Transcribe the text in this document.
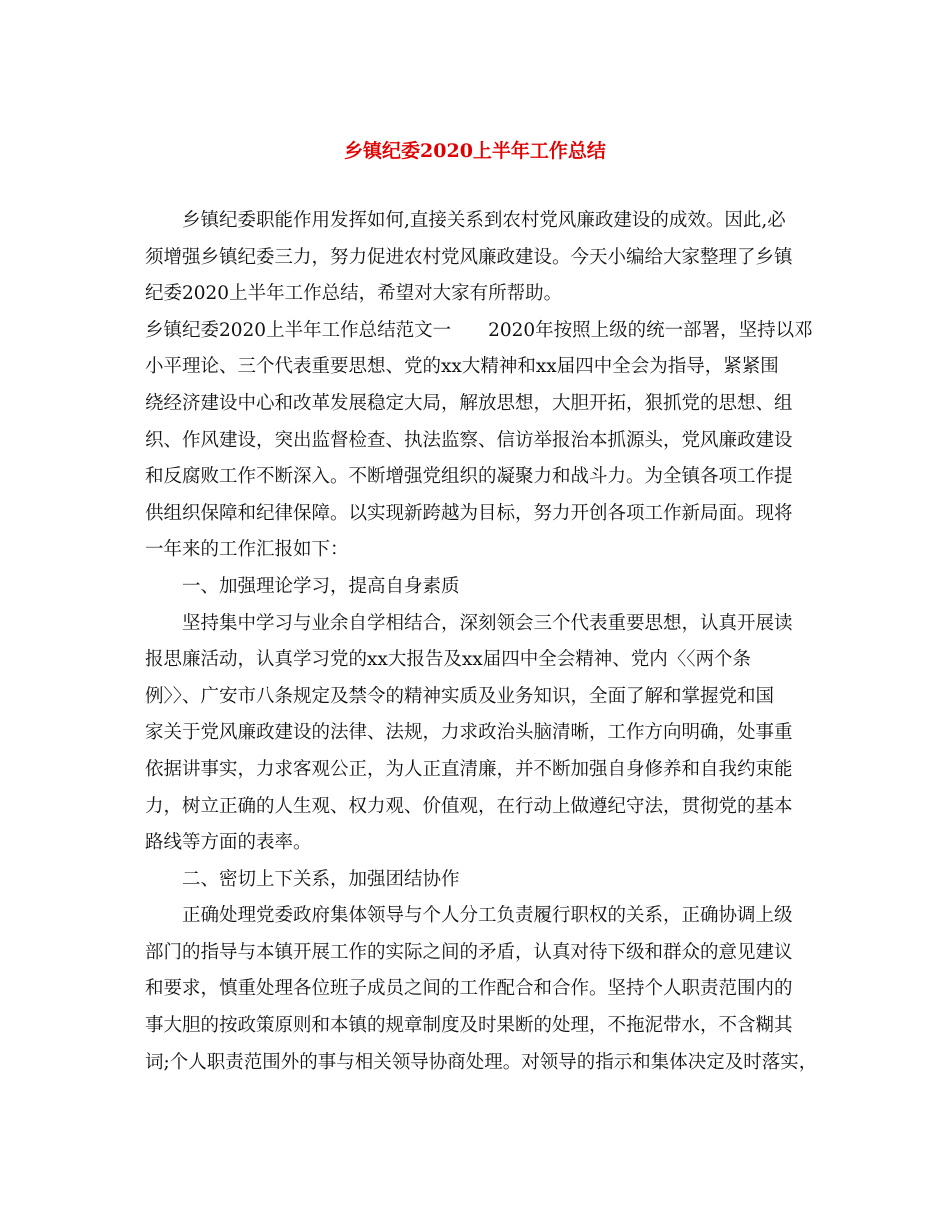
乡镇纪委2020上半年工作总结
乡镇纪委职能作用发挥如何,直接关系到农村党风廉政建设的成效。因此,必
须增强乡镇纪委三力，努力促进农村党风廉政建设。今天小编给大家整理了乡镇
纪委2020上半年工作总结，希望对大家有所帮助。
乡镇纪委2020上半年工作总结范文一　　2020年按照上级的统一部署，坚持以邓
小平理论、三个代表重要思想、党的xx大精神和xx届四中全会为指导，紧紧围
绕经济建设中心和改革发展稳定大局，解放思想，大胆开拓，狠抓党的思想、组
织、作风建设，突出监督检查、执法监察、信访举报治本抓源头，党风廉政建设
和反腐败工作不断深入。不断增强党组织的凝聚力和战斗力。为全镇各项工作提
供组织保障和纪律保障。以实现新跨越为目标，努力开创各项工作新局面。现将
一年来的工作汇报如下：
一、加强理论学习，提高自身素质
坚持集中学习与业余自学相结合，深刻领会三个代表重要思想，认真开展读
报思廉活动，认真学习党的xx大报告及xx届四中全会精神、党内〈〈两个条
例〉〉、广安市八条规定及禁令的精神实质及业务知识，全面了解和掌握党和国
家关于党风廉政建设的法律、法规，力求政治头脑清晰，工作方向明确，处事重
依据讲事实，力求客观公正，为人正直清廉，并不断加强自身修养和自我约束能
力，树立正确的人生观、权力观、价值观，在行动上做遵纪守法，贯彻党的基本
路线等方面的表率。
二、密切上下关系，加强团结协作
正确处理党委政府集体领导与个人分工负责履行职权的关系，正确协调上级
部门的指导与本镇开展工作的实际之间的矛盾，认真对待下级和群众的意见建议
和要求，慎重处理各位班子成员之间的工作配合和合作。坚持个人职责范围内的
事大胆的按政策原则和本镇的规章制度及时果断的处理，不拖泥带水，不含糊其
词;个人职责范围外的事与相关领导协商处理。对领导的指示和集体决定及时落实，
